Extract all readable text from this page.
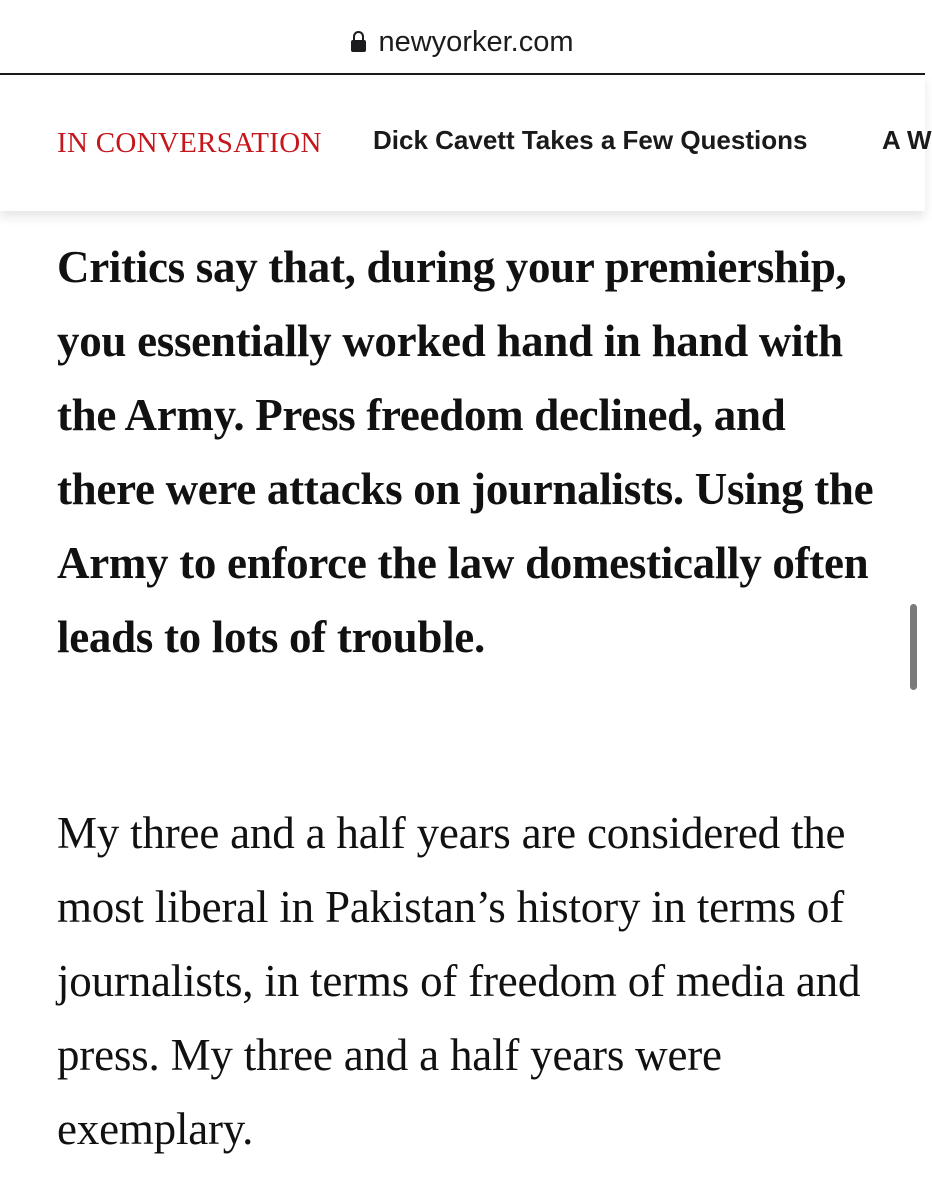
newyorker.com
IN CONVERSATION Dick Cavett Takes a Few Questions	A W

Critics say that, during your premiership, you essentially worked hand in hand with the Army. Press freedom declined, and there were attacks on journalists. Using the Army to enforce the law domestically often leads to lots of trouble.

My three and a half years are considered the most liberal in Pakistan’s history in terms of journalists, in terms of freedom of media and press. My three and a half years were exemplary.
